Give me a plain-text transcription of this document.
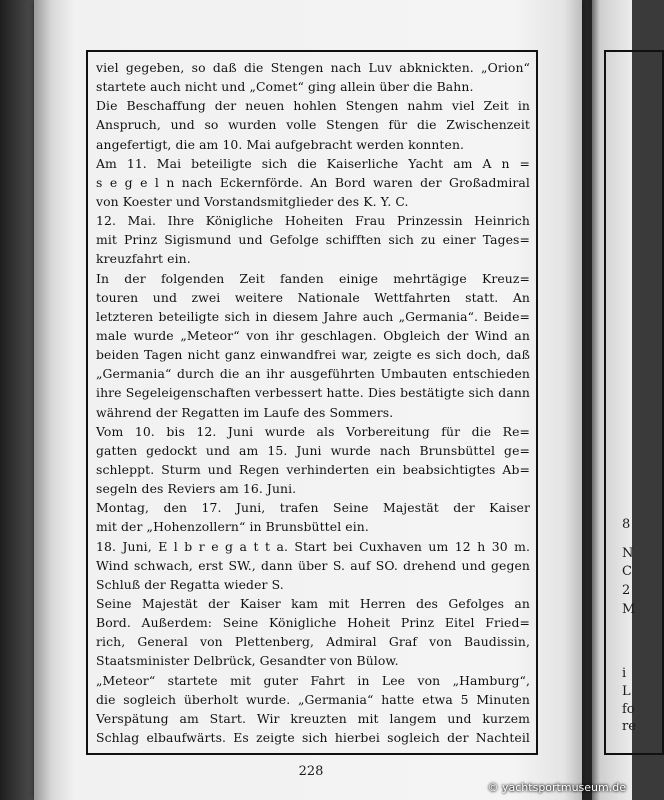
8
N
C
2
M
i
L
fo
re
viel gegeben, so daß die Stengen nach Luv abknickten. „Orion“
startete auch nicht und „Comet“ ging allein über die Bahn.
Die Beschaffung der neuen hohlen Stengen nahm viel Zeit in
Anspruch, und so wurden volle Stengen für die Zwischenzeit
angefertigt, die am 10. Mai aufgebracht werden konnten.
Am 11. Mai beteiligte sich die Kaiserliche Yacht am A n =
s e g e l n nach Eckernförde. An Bord waren der Großadmiral
von Koester und Vorstandsmitglieder des K. Y. C.
12. Mai. Ihre Königliche Hoheiten Frau Prinzessin Heinrich
mit Prinz Sigismund und Gefolge schifften sich zu einer Tages=
kreuzfahrt ein.
In der folgenden Zeit fanden einige mehrtägige Kreuz=
touren und zwei weitere Nationale Wettfahrten statt. An
letzteren beteiligte sich in diesem Jahre auch „Germania“. Beide=
male wurde „Meteor“ von ihr geschlagen. Obgleich der Wind an
beiden Tagen nicht ganz einwandfrei war, zeigte es sich doch, daß
„Germania“ durch die an ihr ausgeführten Umbauten entschieden
ihre Segeleigenschaften verbessert hatte. Dies bestätigte sich dann
während der Regatten im Laufe des Sommers.
Vom 10. bis 12. Juni wurde als Vorbereitung für die Re=
gatten gedockt und am 15. Juni wurde nach Brunsbüttel ge=
schleppt. Sturm und Regen verhinderten ein beabsichtigtes Ab=
segeln des Reviers am 16. Juni.
Montag, den 17. Juni, trafen Seine Majestät der Kaiser
mit der „Hohenzollern“ in Brunsbüttel ein.
18. Juni, E l b r e g a t t a. Start bei Cuxhaven um 12 h 30 m.
Wind schwach, erst SW., dann über S. auf SO. drehend und gegen
Schluß der Regatta wieder S.
Seine Majestät der Kaiser kam mit Herren des Gefolges an
Bord. Außerdem: Seine Königliche Hoheit Prinz Eitel Fried=
rich, General von Plettenberg, Admiral Graf von Baudissin,
Staatsminister Delbrück, Gesandter von Bülow.
„Meteor“ startete mit guter Fahrt in Lee von „Hamburg“,
die sogleich überholt wurde. „Germania“ hatte etwa 5 Minuten
Verspätung am Start. Wir kreuzten mit langem und kurzem
Schlag elbaufwärts. Es zeigte sich hierbei sogleich der Nachteil
228
© yachtsportmuseum.de
